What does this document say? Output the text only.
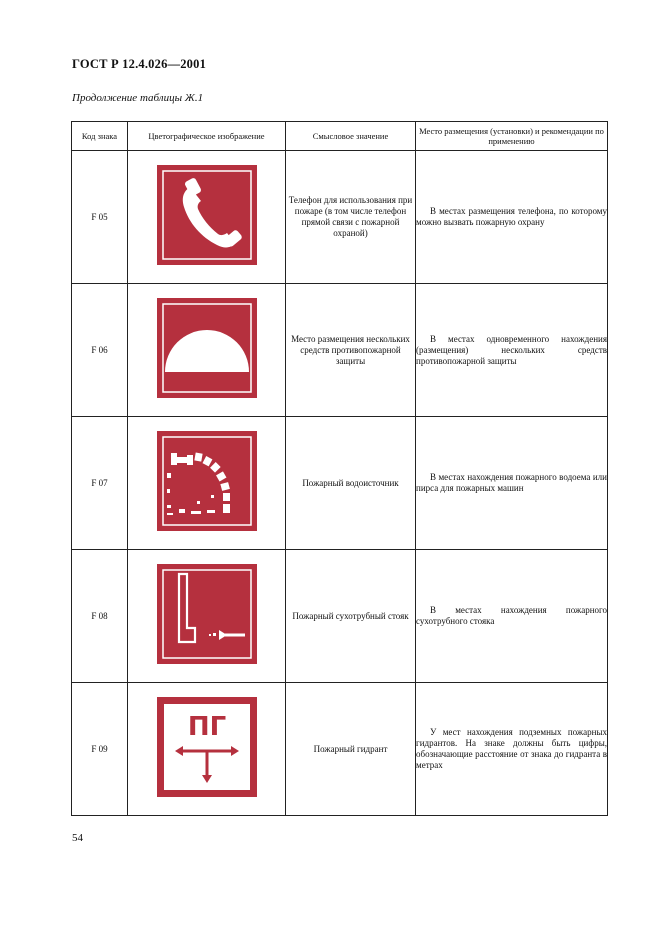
ГОСТ Р 12.4.026—2001
Продолжение таблицы Ж.1
Код знака	Цветографическое изображение	Смысловое значение	Место размещения (установки) и рекомендации по применению
F 05		Телефон для использования при пожаре (в том числе телефон прямой связи с пожарной охраной)	В местах размещения телефона, по которому можно вызвать пожарную охрану

F 06		Место размещения нескольких средств противопожарной защиты	В местах одновременного нахождения (размещения) нескольких средств противопожарной защиты

F 07		Пожарный водоисточник	В местах нахождения пожарного водоема или пирса для пожарных машин

F 08		Пожарный сухотрубный стояк	В местах нахождения пожарного сухотрубного стояка

F 09	ПГ	Пожарный гидрант	У мест нахождения подземных пожарных гидрантов. На знаке должны быть цифры, обозначающие расстояние от знака до гидранта в метрах
54
